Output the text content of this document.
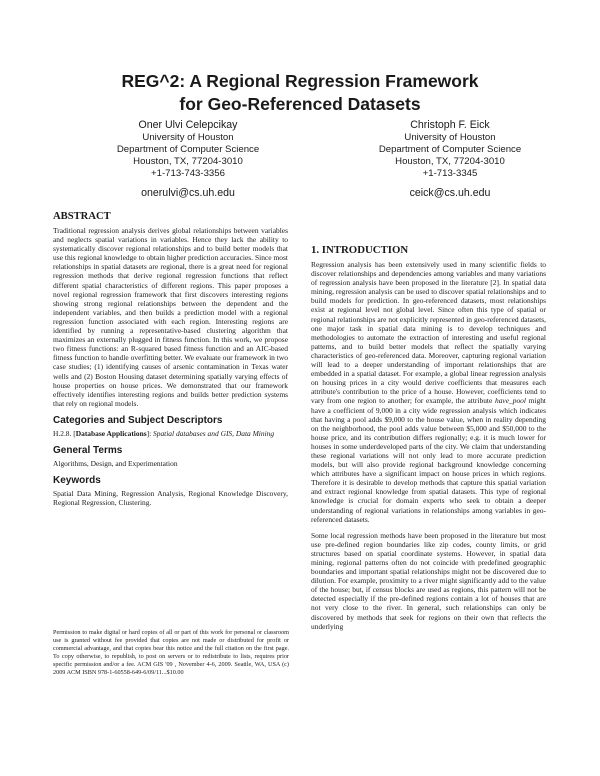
REG^2: A Regional Regression Framework
for Geo-Referenced Datasets
Oner Ulvi Celepcikay
University of Houston
Department of Computer Science
Houston, TX, 77204-3010
+1-713-743-3356
onerulvi@cs.uh.edu
Christoph F. Eick
University of Houston
Department of Computer Science
Houston, TX, 77204-3010
+1-713-3345
ceick@cs.uh.edu
ABSTRACT

Traditional regression analysis derives global relationships between variables and neglects spatial variations in variables. Hence they lack the ability to systematically discover regional relationships and to build better models that use this regional knowledge to obtain higher prediction accuracies. Since most relationships in spatial datasets are regional, there is a great need for regional regression methods that derive regional regression functions that reflect different spatial characteristics of different regions. This paper proposes a novel regional regression framework that first discovers interesting regions showing strong regional relationships between the dependent and the independent variables, and then builds a prediction model with a regional regression function associated with each region. Interesting regions are identified by running a representative-based clustering algorithm that maximizes an externally plugged in fitness function. In this work, we propose two fitness functions: an R-squared based fitness function and an AIC-based fitness function to handle overfitting better. We evaluate our framework in two case studies; (1) identifying causes of arsenic contamination in Texas water wells and (2) Boston Housing dataset determining spatially varying effects of house properties on house prices. We demonstrated that our framework effectively identifies interesting regions and builds better prediction systems that rely on regional models.

Categories and Subject Descriptors

H.2.8. [Database Applications]: Spatial databases and GIS, Data Mining

General Terms

Algorithms, Design, and Experimentation

Keywords

Spatial Data Mining, Regression Analysis, Regional Knowledge Discovery, Regional Regression, Clustering.

Permission to make digital or hard copies of all or part of this work for personal or classroom use is granted without fee provided that copies are not made or distributed for profit or commercial advantage, and that copies bear this notice and the full citation on the first page. To copy otherwise, to republish, to post on servers or to redistribute to lists, requires prior specific permission and/or a fee. ACM GIS '09 , November 4-6, 2009. Seattle, WA, USA (c) 2009 ACM ISBN 978-1-60558-649-6/09/11...$10.00

1. INTRODUCTION

Regression analysis has been extensively used in many scientific fields to discover relationships and dependencies among variables and many variations of regression analysis have been proposed in the literature [2]. In spatial data mining, regression analysis can be used to discover spatial relationships and to build models for prediction. In geo-referenced datasets, most relationships exist at regional level not global level. Since often this type of spatial or regional relationships are not explicitly represented in geo-referenced datasets, one major task in spatial data mining is to develop techniques and methodologies to automate the extraction of interesting and useful regional patterns, and to build better models that reflect the spatially varying characteristics of geo-referenced data. Moreover, capturing regional variation will lead to a deeper understanding of important relationships that are embedded in a spatial dataset. For example, a global linear regression analysis on housing prices in a city would derive coefficients that measures each attribute's contribution to the price of a house. However, coefficients tend to vary from one region to another; for example, the attribute have_pool might have a coefficient of 9,000 in a city wide regression analysis which indicates that having a pool adds $9,000 to the house value, when in reality depending on the neighborhood, the pool adds value between $5,000 and $50,000 to the house price, and its contribution differs regionally; e.g. it is much lower for houses in some underdeveloped parts of the city. We claim that understanding these regional variations will not only lead to more accurate prediction models, but will also provide regional background knowledge concerning which attributes have a significant impact on house prices in which regions. Therefore it is desirable to develop methods that capture this spatial variation and extract regional knowledge from spatial datasets. This type of regional knowledge is crucial for domain experts who seek to obtain a deeper understanding of regional variations in relationships among variables in geo-referenced datasets.

Some local regression methods have been proposed in the literature but most use pre-defined region boundaries like zip codes, county limits, or grid structures based on spatial coordinate systems. However, in spatial data mining, regional patterns often do not coincide with predefined geographic boundaries and important spatial relationships might not be discovered due to dilution. For example, proximity to a river might significantly add to the value of the house; but, if census blocks are used as regions, this pattern will not be detected especially if the pre-defined regions contain a lot of houses that are not very close to the river. In general, such relationships can only be discovered by methods that seek for regions on their own that reflects the underlying
